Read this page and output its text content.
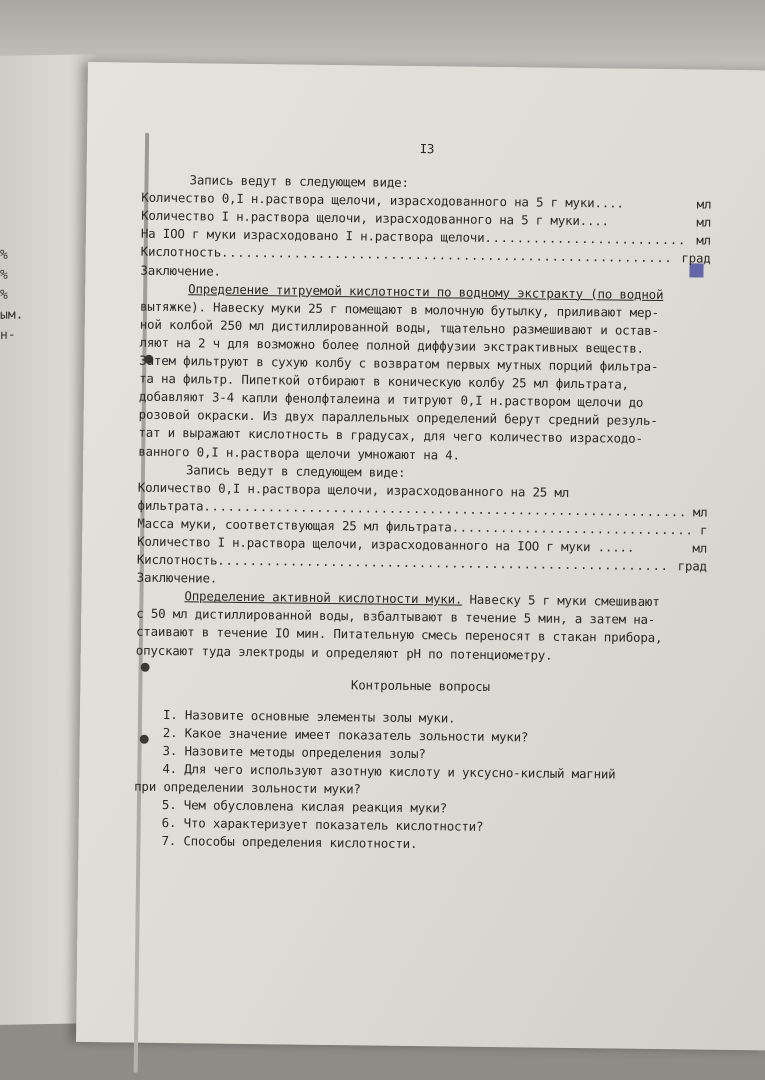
%
%
%
ым.
н-

I3

Запись ведут в следующем виде:

Количество 0,I н.раствора щелочи, израсходованного на 5 г муки....	мл
Количество I н.раствора щелочи, израсходованного на 5 г муки....	мл
На IOO г муки израсходовано I н.раствора щелочи .....	мл
Кислотность .....	град

Заключение.

Определение титруемой кислотности по водному экстракту (по водной

вытяжке). Навеску муки 25 г помещают в молочную бутылку, приливают мер-

ной колбой 250 мл дистиллированной воды, тщательно размешивают и остав-

ляют на 2 ч для возможно более полной диффузии экстрактивных веществ.

Затем фильтруют в сухую колбу с возвратом первых мутных порций фильтра-

та на фильтр. Пипеткой отбирают в коническую колбу 25 мл фильтрата,

добавляют 3-4 капли фенолфталеина и титруют 0,I н.раствором щелочи до

розовой окраски. Из двух параллельных определений берут средний резуль-

тат и выражают кислотность в градусах, для чего количество израсходо-

ванного 0,I н.раствора щелочи умножают на 4.

Запись ведут в следующем виде:

Количество 0,I н.раствора щелочи, израсходованного на 25 мл

фильтрата .....	мл
Масса муки, соответствующая 25 мл фильтрата .....	г
Количество I н.раствора щелочи, израсходованного на IOO г муки .....	мл
Кислотность .....	град

Заключение.

Определение активной кислотности муки. Навеску 5 г муки смешивают

с 50 мл дистиллированной воды, взбалтывают в течение 5 мин, а затем на-

стаивают в течение IO мин. Питательную смесь переносят в стакан прибора,

опускают туда электроды и определяют рН по потенциометру.

Контрольные вопросы

I. Назовите основные элементы золы муки.

2. Какое значение имеет показатель зольности муки?

3. Назовите методы определения золы?

4. Для чего используют азотную кислоту и уксусно-кислый магний

при определении зольности муки?

5. Чем обусловлена кислая реакция муки?

6. Что характеризует показатель кислотности?

7. Способы определения кислотности.
